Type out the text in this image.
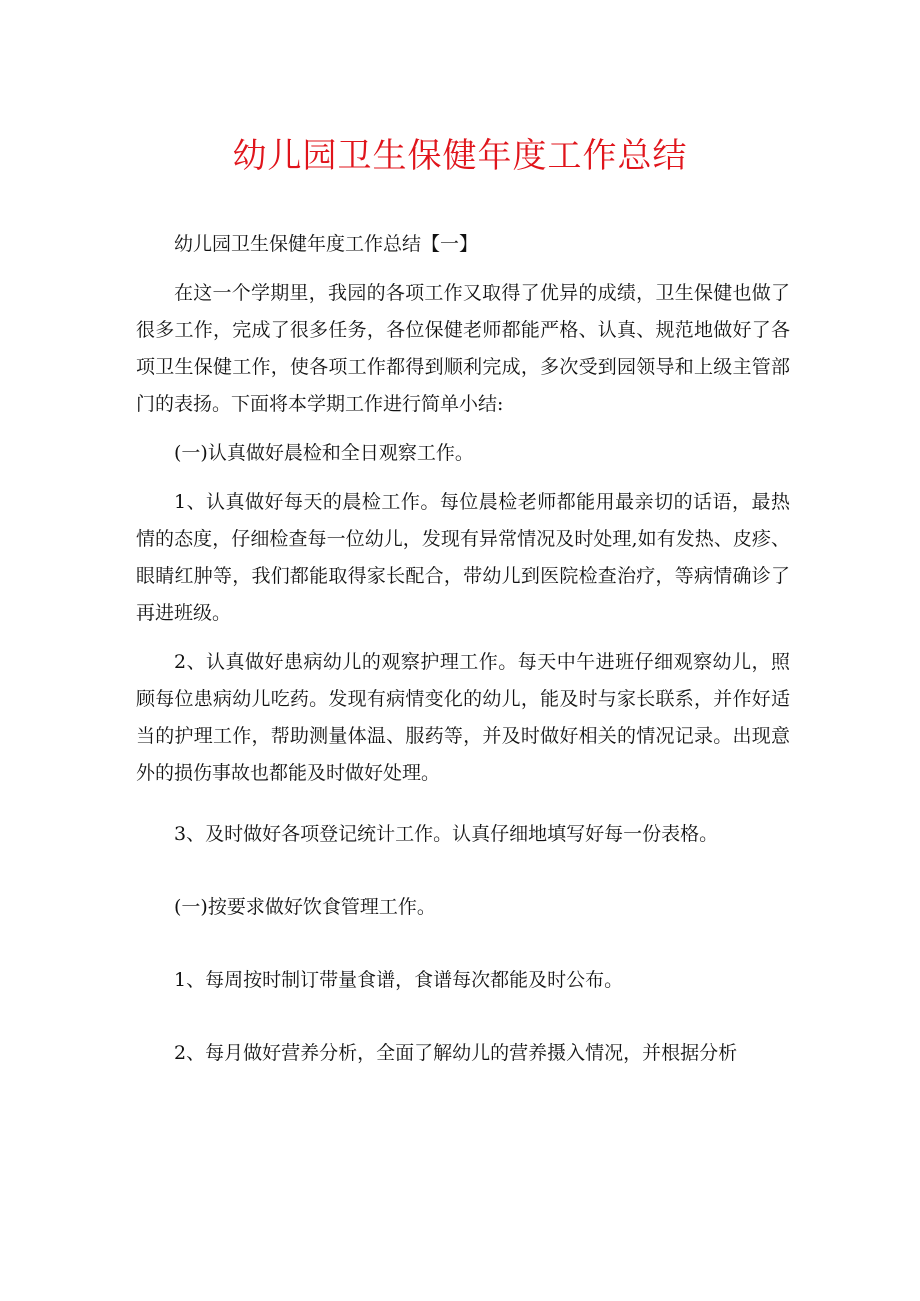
幼儿园卫生保健年度工作总结

幼儿园卫生保健年度工作总结【一】

在这一个学期里，我园的各项工作又取得了优异的成绩，卫生保健也做了很多工作，完成了很多任务，各位保健老师都能严格、认真、规范地做好了各项卫生保健工作，使各项工作都得到顺利完成，多次受到园领导和上级主管部门的表扬。下面将本学期工作进行简单小结:

(一)认真做好晨检和全日观察工作。

1、认真做好每天的晨检工作。每位晨检老师都能用最亲切的话语，最热情的态度，仔细检查每一位幼儿，发现有异常情况及时处理,如有发热、皮疹、眼睛红肿等，我们都能取得家长配合，带幼儿到医院检查治疗，等病情确诊了再进班级。

2、认真做好患病幼儿的观察护理工作。每天中午进班仔细观察幼儿，照顾每位患病幼儿吃药。发现有病情变化的幼儿，能及时与家长联系，并作好适当的护理工作，帮助测量体温、服药等，并及时做好相关的情况记录。出现意外的损伤事故也都能及时做好处理。

3、及时做好各项登记统计工作。认真仔细地填写好每一份表格。

(一)按要求做好饮食管理工作。

1、每周按时制订带量食谱，食谱每次都能及时公布。

2、每月做好营养分析，全面了解幼儿的营养摄入情况，并根据分析
